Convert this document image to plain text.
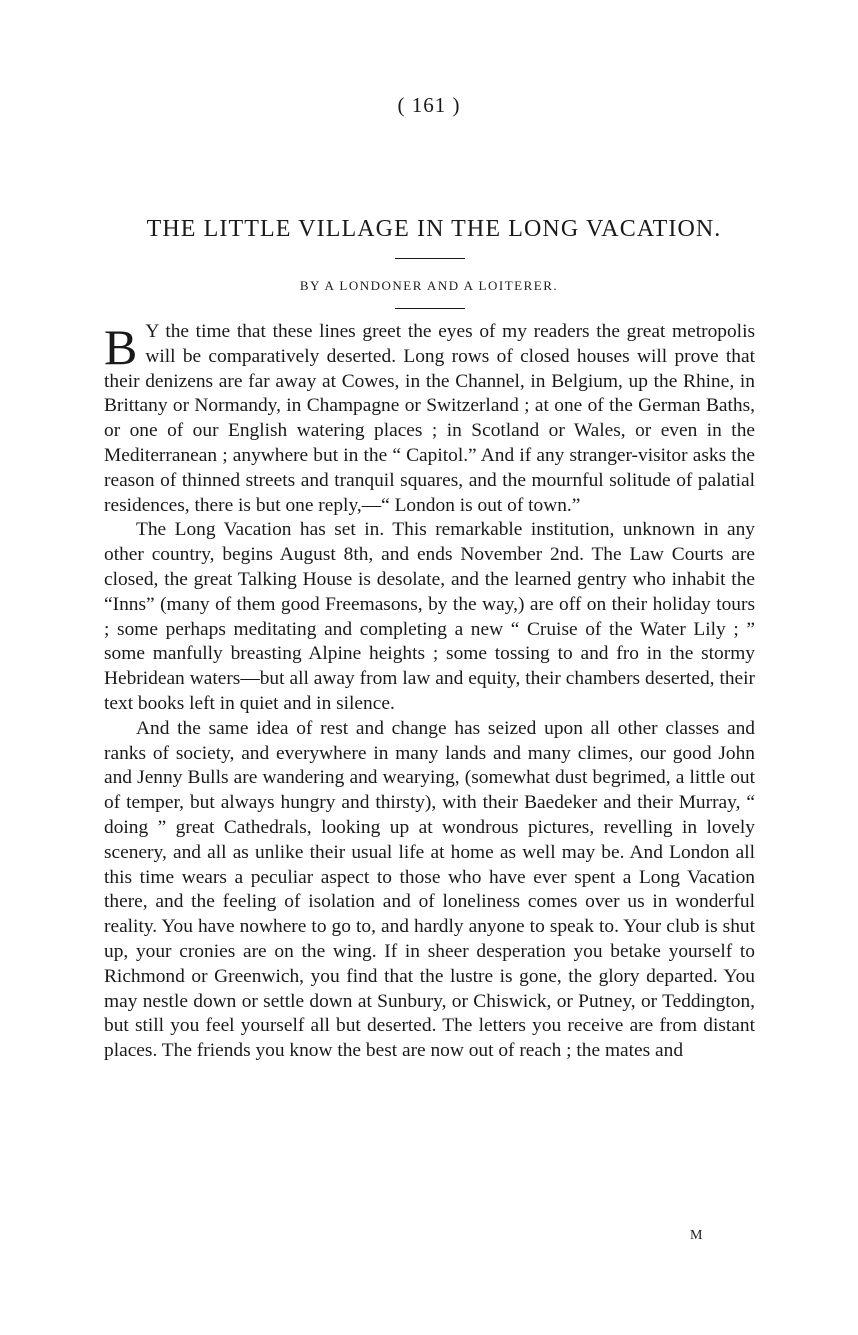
( 161 )
THE LITTLE VILLAGE IN THE LONG VACATION.
BY A LONDONER AND A LOITERER.

B Y the time that these lines greet the eyes of my readers the great metropolis will be comparatively deserted. Long rows of closed houses will prove that their denizens are far away at Cowes, in the Channel, in Belgium, up the Rhine, in Brittany or Normandy, in Champagne or Switzerland ; at one of the German Baths, or one of our English watering places ; in Scotland or Wales, or even in the Mediterranean ; anywhere but in the “ Capitol.” And if any stranger-visitor asks the reason of thinned streets and tranquil squares, and the mournful solitude of palatial residences, there is but one reply,—“ London is out of town.”

The Long Vacation has set in. This remarkable institution, unknown in any other country, begins August 8th, and ends November 2nd. The Law Courts are closed, the great Talking House is desolate, and the learned gentry who inhabit the “Inns” (many of them good Freemasons, by the way,) are off on their holiday tours ; some perhaps meditating and completing a new “ Cruise of the Water Lily ; ” some manfully breasting Alpine heights ; some tossing to and fro in the stormy Hebridean waters—but all away from law and equity, their chambers deserted, their text books left in quiet and in silence.

And the same idea of rest and change has seized upon all other classes and ranks of society, and everywhere in many lands and many climes, our good John and Jenny Bulls are wandering and wearying, (somewhat dust begrimed, a little out of temper, but always hungry and thirsty), with their Baedeker and their Murray, “ doing ” great Cathedrals, looking up at wondrous pictures, revelling in lovely scenery, and all as unlike their usual life at home as well may be. And London all this time wears a peculiar aspect to those who have ever spent a Long Vacation there, and the feeling of isolation and of loneliness comes over us in wonderful reality. You have nowhere to go to, and hardly anyone to speak to. Your club is shut up, your cronies are on the wing. If in sheer desperation you betake yourself to Richmond or Greenwich, you find that the lustre is gone, the glory departed. You may nestle down or settle down at Sunbury, or Chiswick, or Putney, or Teddington, but still you feel yourself all but deserted. The letters you receive are from distant places. The friends you know the best are now out of reach ; the mates and

M
